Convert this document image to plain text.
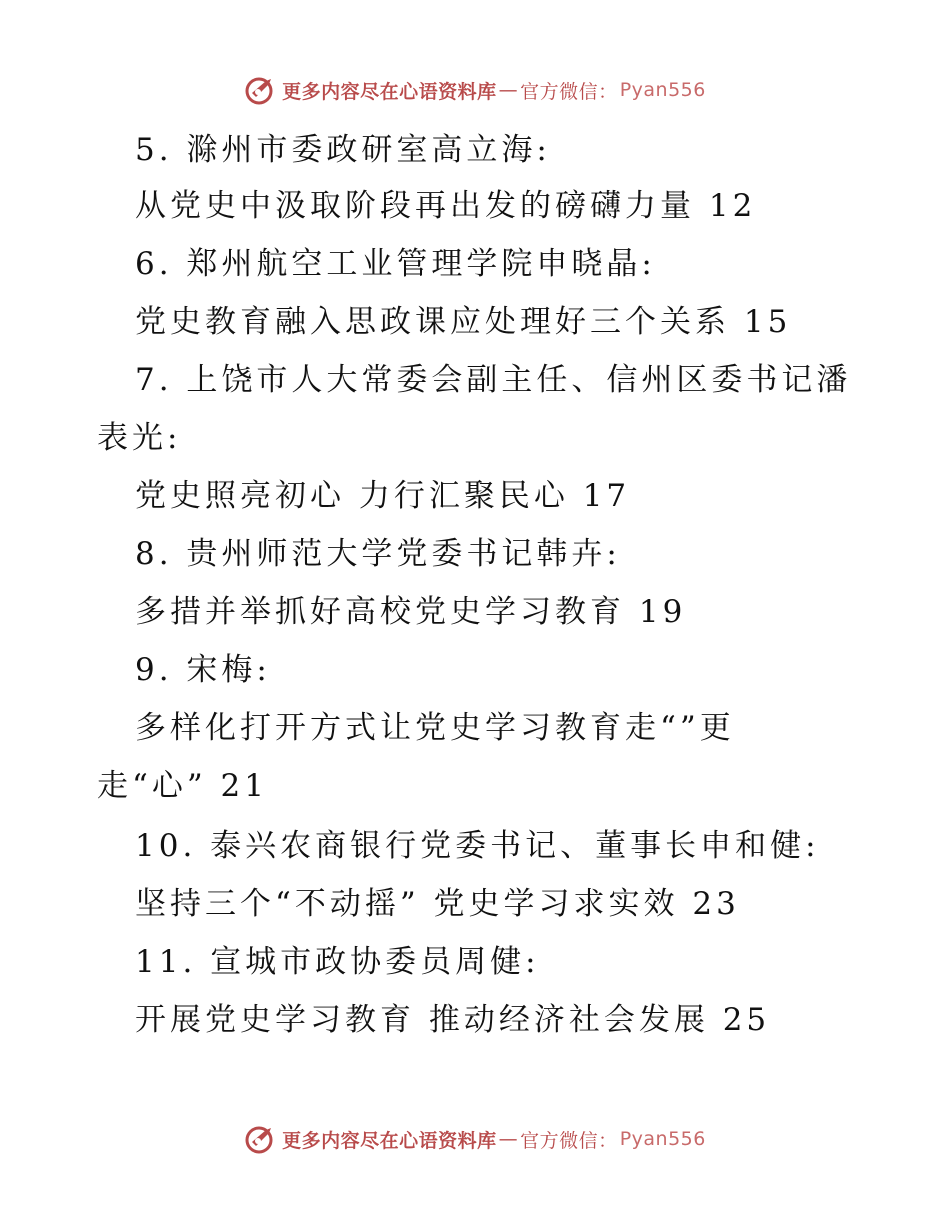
更多内容尽在心语资料库 — 官方微信： Pyan556
5. 滁州市委政研室高立海:
从党史中汲取阶段再出发的磅礴力量 12
6. 郑州航空工业管理学院申晓晶:
党史教育融入思政课应处理好三个关系 15
7. 上饶市人大常委会副主任、信州区委书记潘
表光:
党史照亮初心 力行汇聚民心 17
8. 贵州师范大学党委书记韩卉:
多措并举抓好高校党史学习教育 19
9. 宋梅:
多样化打开方式让党史学习教育走“”更
走“心” 21
10. 泰兴农商银行党委书记、董事长申和健:
坚持三个“不动摇” 党史学习求实效 23
11. 宣城市政协委员周健:
开展党史学习教育 推动经济社会发展 25
更多内容尽在心语资料库 — 官方微信： Pyan556
